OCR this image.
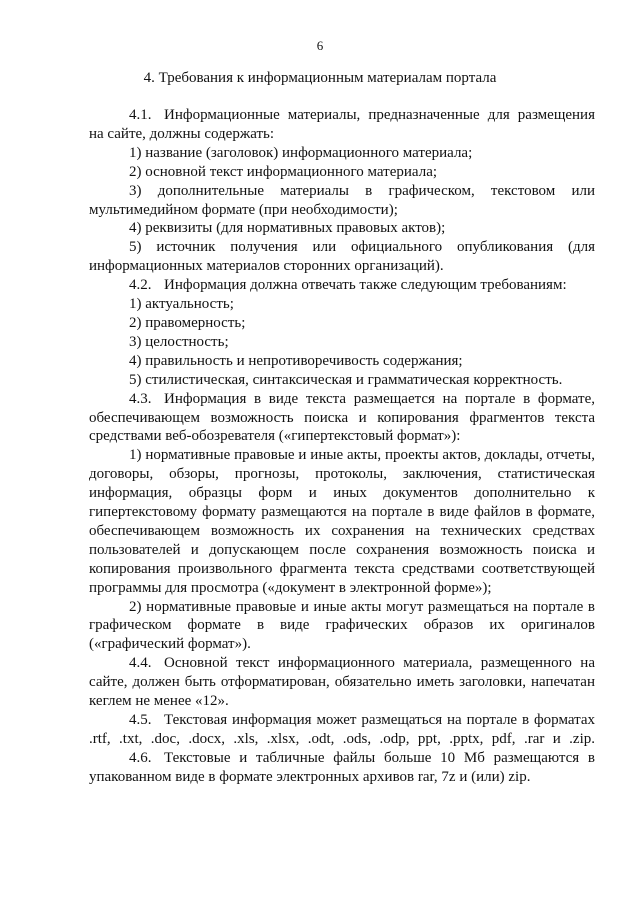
6
4. Требования к информационным материалам портала

4.1. Информационные материалы, предназначенные для размещения на сайте, должны содержать:

1) название (заголовок) информационного материала;

2) основной текст информационного материала;

3) дополнительные материалы в графическом, текстовом или мультимедийном формате (при необходимости);

4) реквизиты (для нормативных правовых актов);

5) источник получения или официального опубликования (для информационных материалов сторонних организаций).

4.2. Информация должна отвечать также следующим требованиям:

1) актуальность;

2) правомерность;

3) целостность;

4) правильность и непротиворечивость содержания;

5) стилистическая, синтаксическая и грамматическая корректность.

4.3. Информация в виде текста размещается на портале в формате, обеспечивающем возможность поиска и копирования фрагментов текста средствами веб-обозревателя («гипертекстовый формат»):

1) нормативные правовые и иные акты, проекты актов, доклады, отчеты, договоры, обзоры, прогнозы, протоколы, заключения, статистическая информация, образцы форм и иных документов дополнительно к гипертекстовому формату размещаются на портале в виде файлов в формате, обеспечивающем возможность их сохранения на технических средствах пользователей и допускающем после сохранения возможность поиска и копирования произвольного фрагмента текста средствами соответствующей программы для просмотра («документ в электронной форме»);

2) нормативные правовые и иные акты могут размещаться на портале в графическом формате в виде графических образов их оригиналов («графический формат»).

4.4. Основной текст информационного материала, размещенного на сайте, должен быть отформатирован, обязательно иметь заголовки, напечатан кеглем не менее «12».

4.5. Текстовая информация может размещаться на портале в форматах .rtf, .txt, .doc, .docx, .xls, .xlsx, .odt, .ods, .odp, ppt, .pptx, pdf, .rar и .zip.

4.6. Текстовые и табличные файлы больше 10 Мб размещаются в упакованном виде в формате электронных архивов rar, 7z и (или) zip.
